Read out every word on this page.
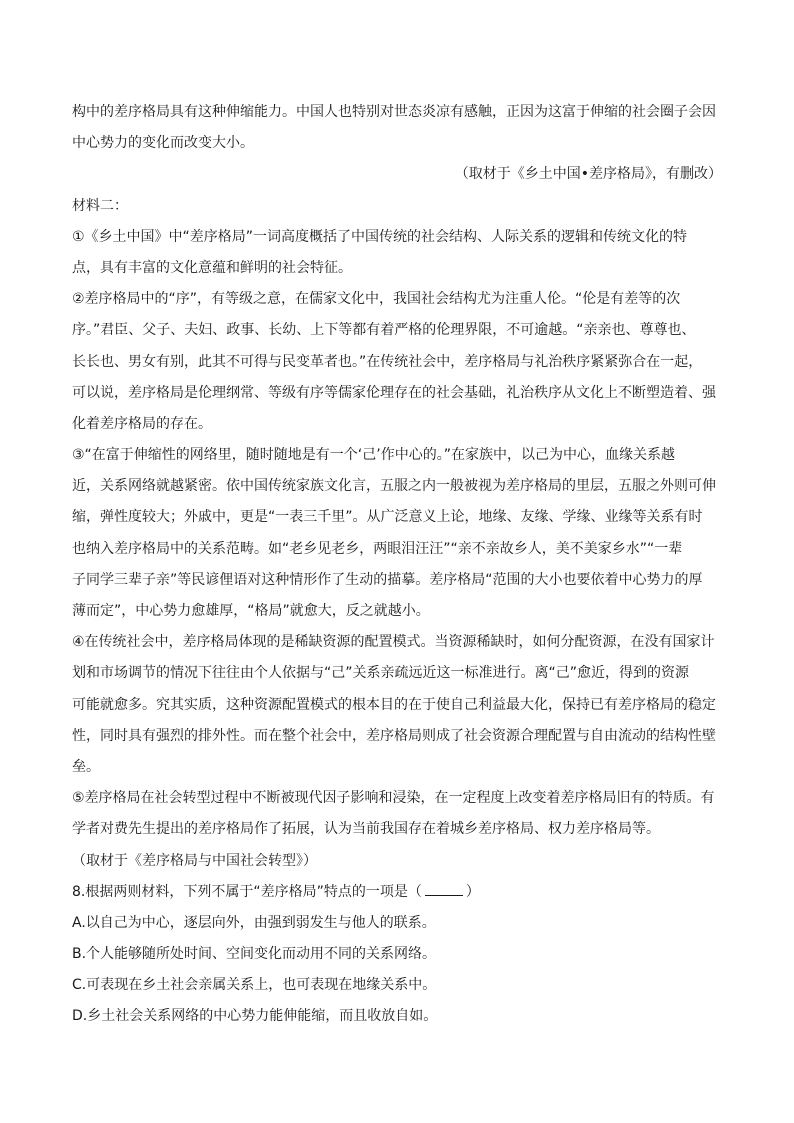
构中的差序格局具有这种伸缩能力。中国人也特别对世态炎凉有感触，正因为这富于伸缩的社会圈子会因
中心势力的变化而改变大小。
（取材于《乡土中国•差序格局》，有删改）
材料二：
①《乡土中国》中“差序格局”一词高度概括了中国传统的社会结构、人际关系的逻辑和传统文化的特
点，具有丰富的文化意蕴和鲜明的社会特征。
②差序格局中的“序”，有等级之意，在儒家文化中，我国社会结构尤为注重人伦。“伦是有差等的次
序。”君臣、父子、夫妇、政事、长幼、上下等都有着严格的伦理界限，不可逾越。“亲亲也、尊尊也、
长长也、男女有别，此其不可得与民变革者也。”在传统社会中，差序格局与礼治秩序紧紧弥合在一起，
可以说，差序格局是伦理纲常、等级有序等儒家伦理存在的社会基础，礼治秩序从文化上不断塑造着、强
化着差序格局的存在。
③“在富于伸缩性的网络里，随时随地是有一个‘己’作中心的。”在家族中，以己为中心，血缘关系越
近，关系网络就越紧密。依中国传统家族文化言，五服之内一般被视为差序格局的里层，五服之外则可伸
缩，弹性度较大；外戚中，更是“一表三千里”。从广泛意义上论，地缘、友缘、学缘、业缘等关系有时
也纳入差序格局中的关系范畴。如“老乡见老乡，两眼泪汪汪”“亲不亲故乡人，美不美家乡水”“一辈
子同学三辈子亲”等民谚俚语对这种情形作了生动的描摹。差序格局“范围的大小也要依着中心势力的厚
薄而定”，中心势力愈雄厚，“格局”就愈大，反之就越小。
④在传统社会中，差序格局体现的是稀缺资源的配置模式。当资源稀缺时，如何分配资源，在没有国家计
划和市场调节的情况下往往由个人依据与“己”关系亲疏远近这一标准进行。离“己”愈近，得到的资源
可能就愈多。究其实质，这种资源配置模式的根本目的在于使自己利益最大化，保持已有差序格局的稳定
性，同时具有强烈的排外性。而在整个社会中，差序格局则成了社会资源合理配置与自由流动的结构性壁
垒。
⑤差序格局在社会转型过程中不断被现代因子影响和浸染，在一定程度上改变着差序格局旧有的特质。有
学者对费先生提出的差序格局作了拓展，认为当前我国存在着城乡差序格局、权力差序格局等。
（取材于《差序格局与中国社会转型》）
8.根据两则材料，下列不属于“差序格局”特点的一项是（	）
A.以自己为中心，逐层向外，由强到弱发生与他人的联系。
B.个人能够随所处时间、空间变化而动用不同的关系网络。
C.可表现在乡土社会亲属关系上，也可表现在地缘关系中。
D.乡土社会关系网络的中心势力能伸能缩，而且收放自如。
